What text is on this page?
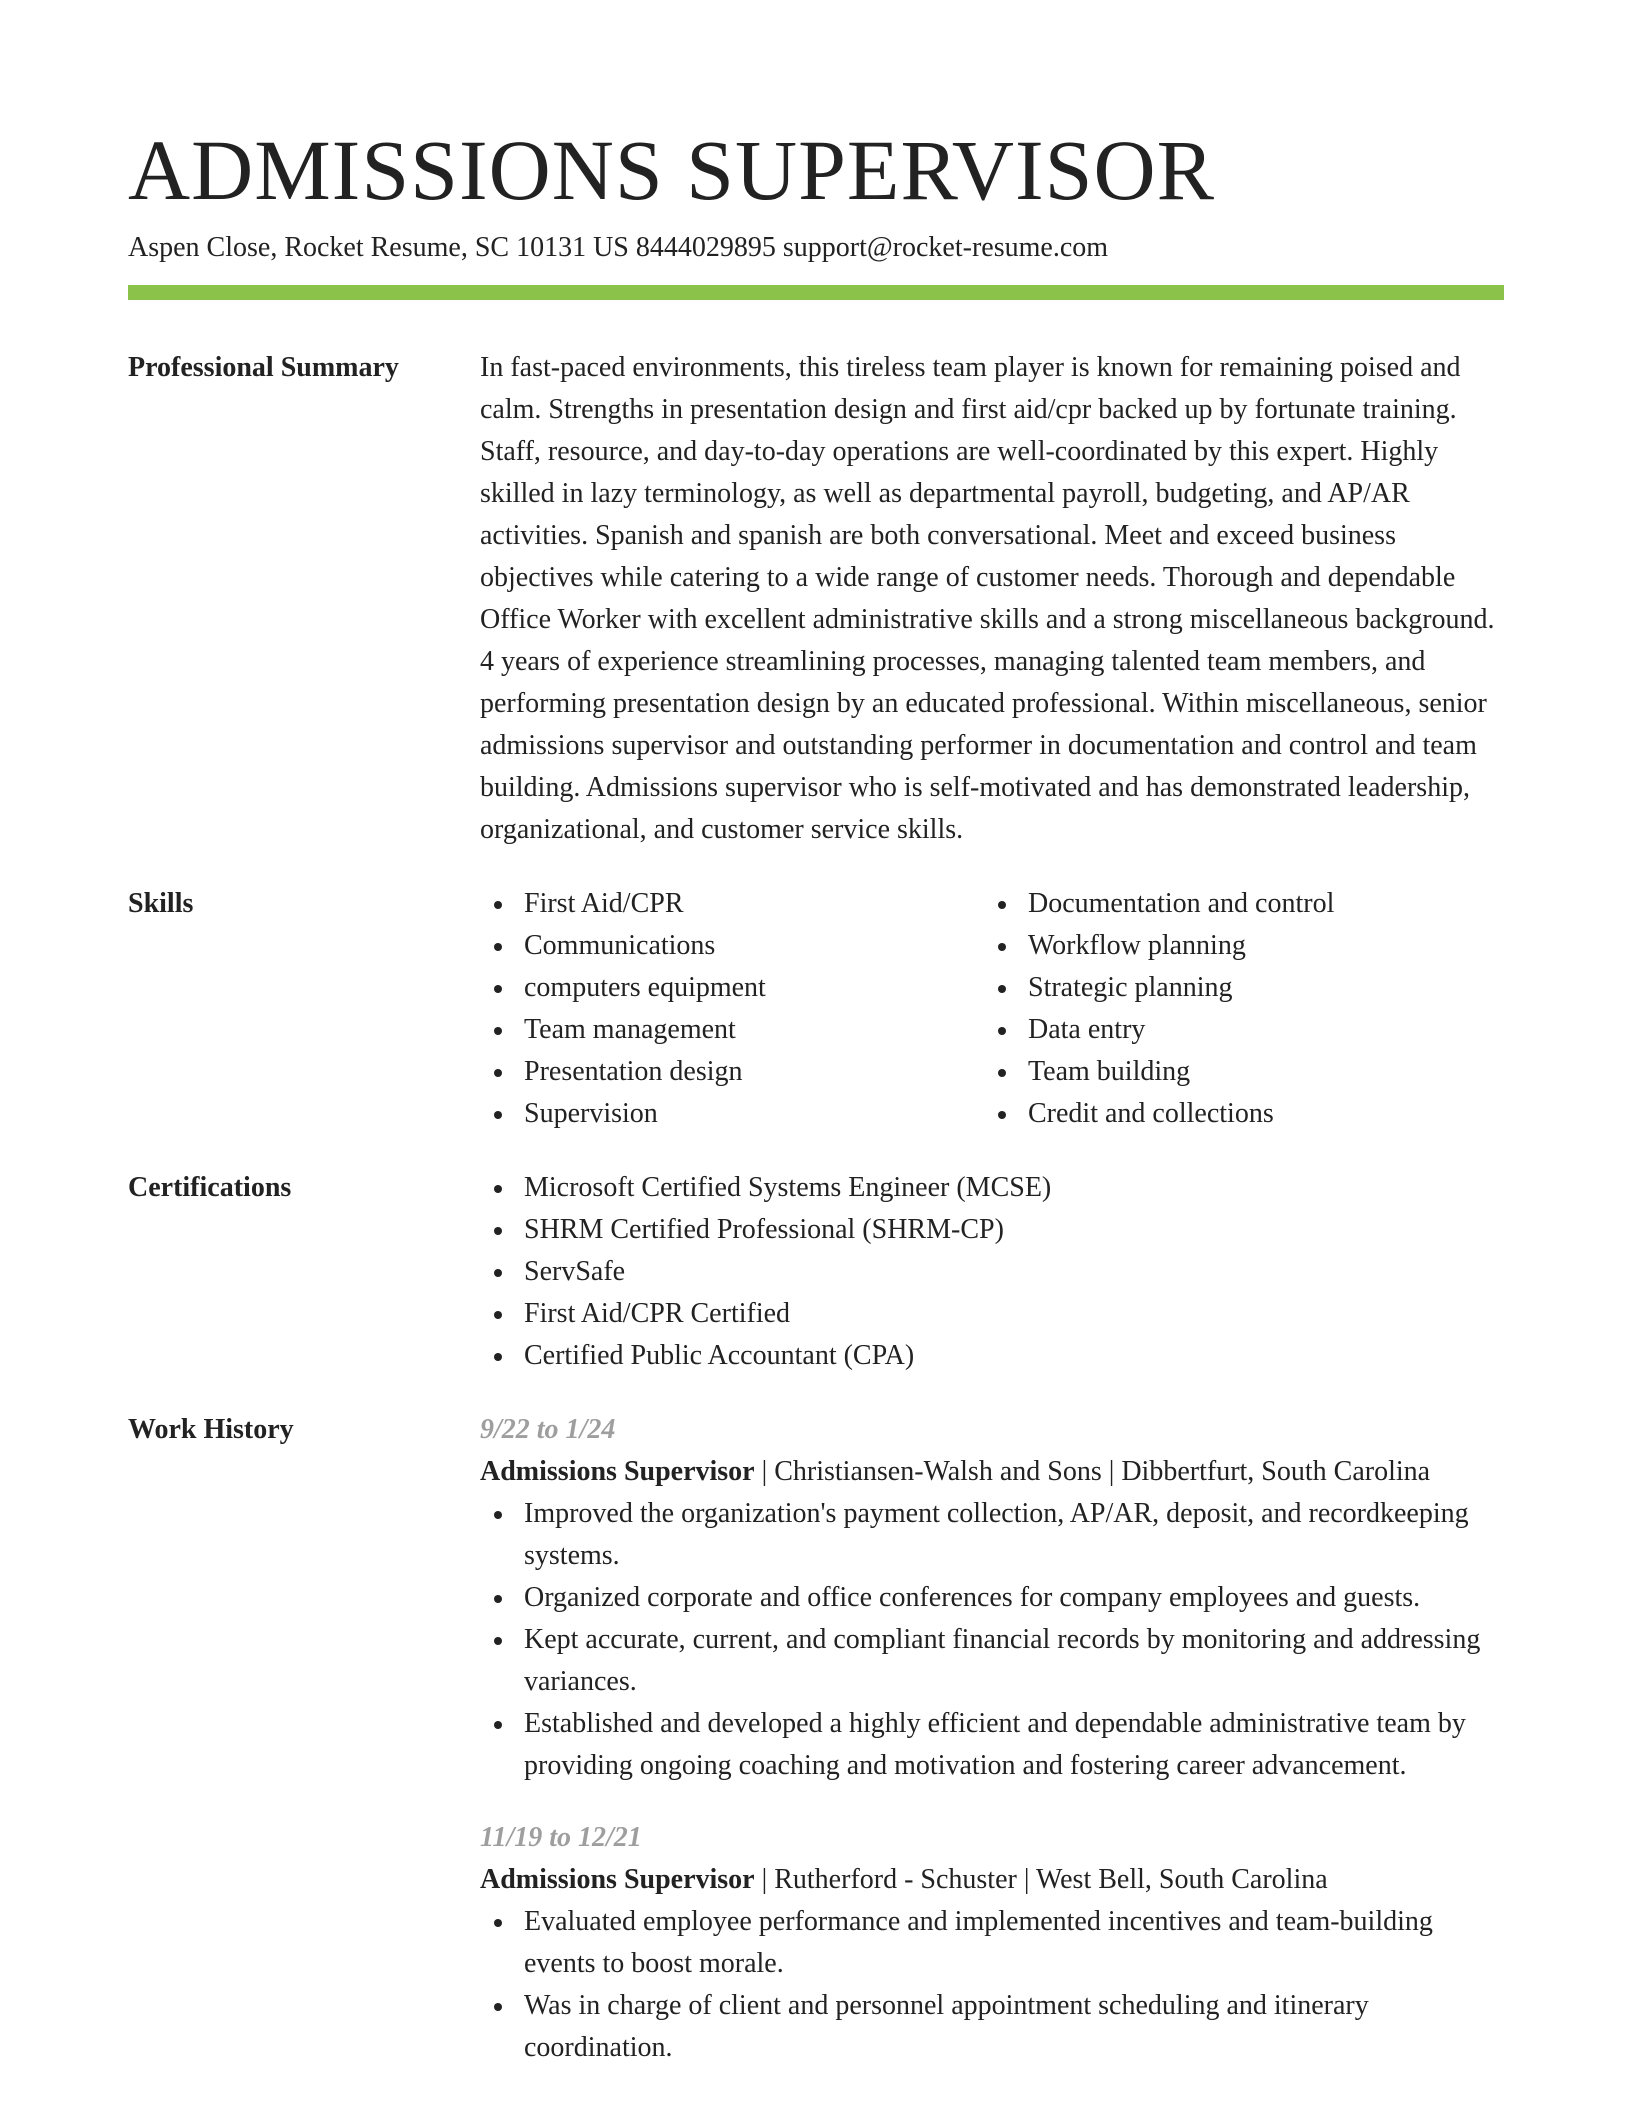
ADMISSIONS SUPERVISOR
Aspen Close, Rocket Resume, SC 10131 US 8444029895 support@rocket-resume.com
Professional Summary	In fast-paced environments, this tireless team player is known for remaining poised and calm. Strengths in presentation design and first aid/cpr backed up by fortunate training. Staff, resource, and day-to-day operations are well-coordinated by this expert. Highly skilled in lazy terminology, as well as departmental payroll, budgeting, and AP/AR activities. Spanish and spanish are both conversational. Meet and exceed business objectives while catering to a wide range of customer needs. Thorough and dependable Office Worker with excellent administrative skills and a strong miscellaneous background. 4 years of experience streamlining processes, managing talented team members, and performing presentation design by an educated professional. Within miscellaneous, senior admissions supervisor and outstanding performer in documentation and control and team building. Admissions supervisor who is self-motivated and has demonstrated leadership, organizational, and customer service skills.

Skills	First Aid/CPR
Communications
computers equipment
Team management
Presentation design
Supervision
Documentation and control
Workflow planning
Strategic planning
Data entry
Team building
Credit and collections
Certifications	Microsoft Certified Systems Engineer (MCSE)
SHRM Certified Professional (SHRM-CP)
ServSafe
First Aid/CPR Certified
Certified Public Accountant (CPA)
Work History	9/22 to 1/24
Admissions Supervisor | Christiansen-Walsh and Sons | Dibbertfurt, South Carolina
Improved the organization's payment collection, AP/AR, deposit, and recordkeeping systems.
Organized corporate and office conferences for company employees and guests.
Kept accurate, current, and compliant financial records by monitoring and addressing variances.
Established and developed a highly efficient and dependable administrative team by providing ongoing coaching and motivation and fostering career advancement.
11/19 to 12/21
Admissions Supervisor | Rutherford - Schuster | West Bell, South Carolina
Evaluated employee performance and implemented incentives and team-building events to boost morale.
Was in charge of client and personnel appointment scheduling and itinerary coordination.
